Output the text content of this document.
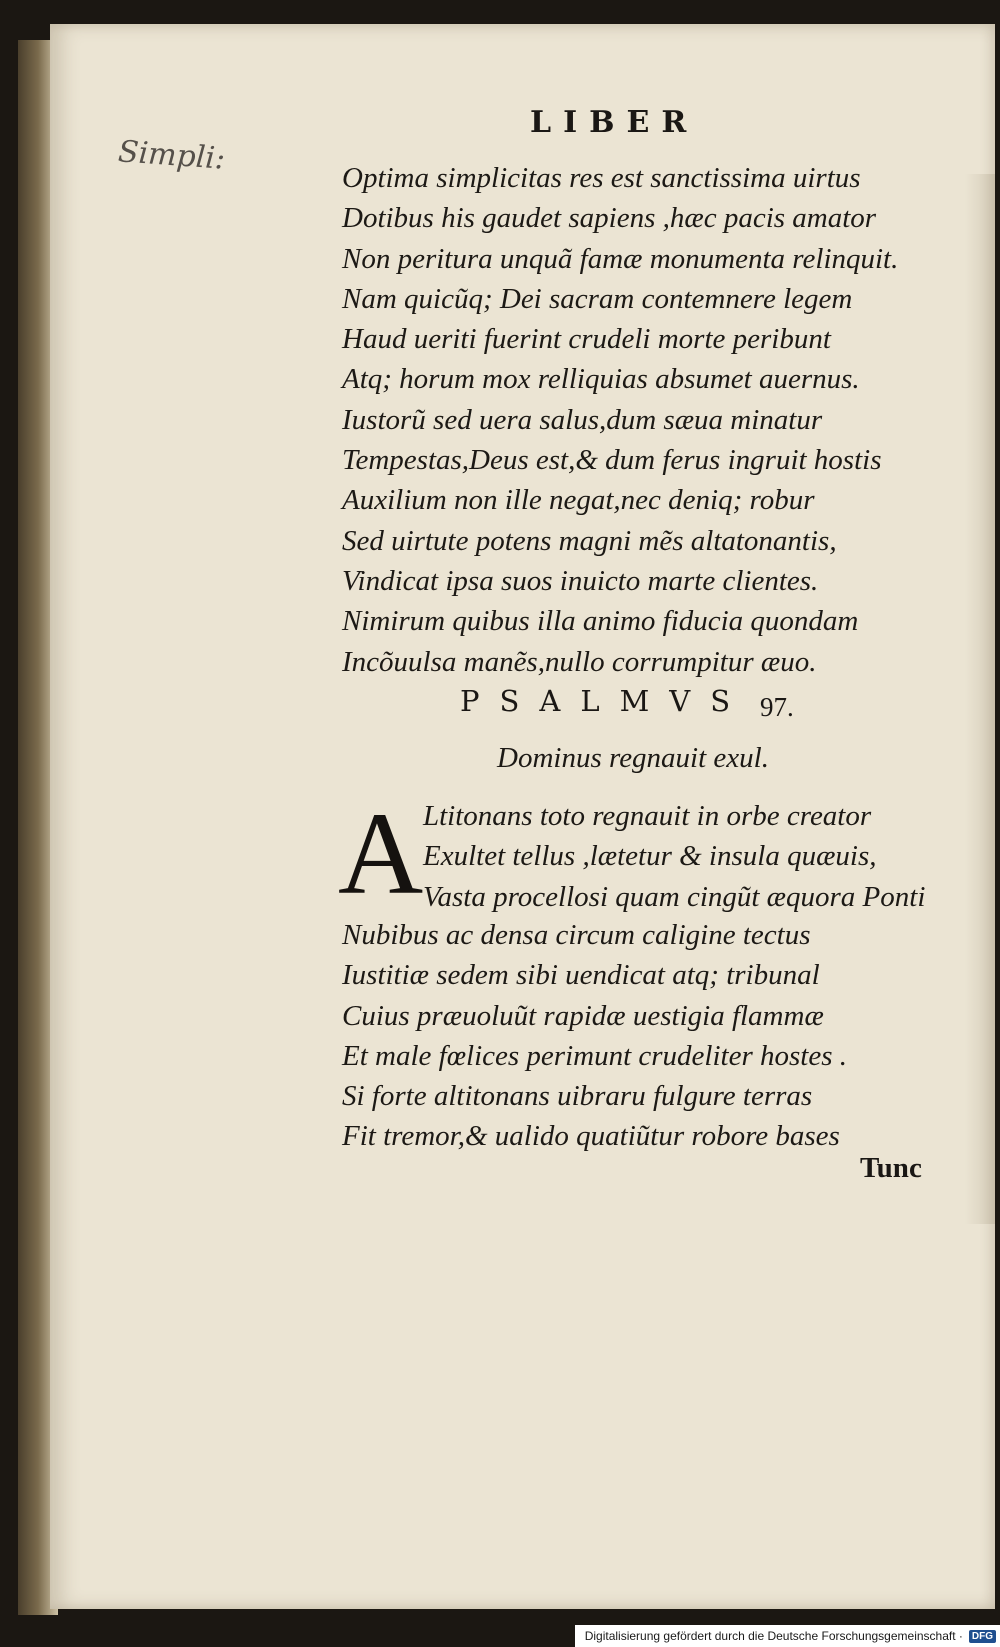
LIBER
Simpli:
Optima simplicitas res est sanctissima uirtus
Dotibus his gaudet sapiens ,hæc pacis amator
Non peritura unquã famæ monumenta relinquit.
Nam quicũq; Dei sacram contemnere legem
Haud ueriti fuerint crudeli morte peribunt
Atq; horum mox relliquias absumet auernus.
Iustorũ sed uera salus,dum sæua minatur
Tempestas,Deus est,& dum ferus ingruit hostis
Auxilium non ille negat,nec deniq; robur
Sed uirtute potens magni mẽs altatonantis,
Vindicat ipsa suos inuicto marte clientes.
Nimirum quibus illa animo fiducia quondam
Incõuulsa manẽs,nullo corrumpitur æuo.
PSALMVS 97.
Dominus regnauit exul.
A Ltitonans toto regnauit in orbe creator
Exultet tellus ,lætetur & insula quæuis,
Vasta procellosi quam cingũt æquora Ponti
Nubibus ac densa circum caligine tectus
Iustitiæ sedem sibi uendicat atq; tribunal
Cuius præuoluũt rapidæ uestigia flammæ
Et male fœlices perimunt crudeliter hostes .
Si forte altitonans uibraru fulgure terras
Fit tremor,& ualido quatiũtur robore bases
Tunc
Digitalisierung gefördert durch die Deutsche Forschungsgemeinschaft · DFG
